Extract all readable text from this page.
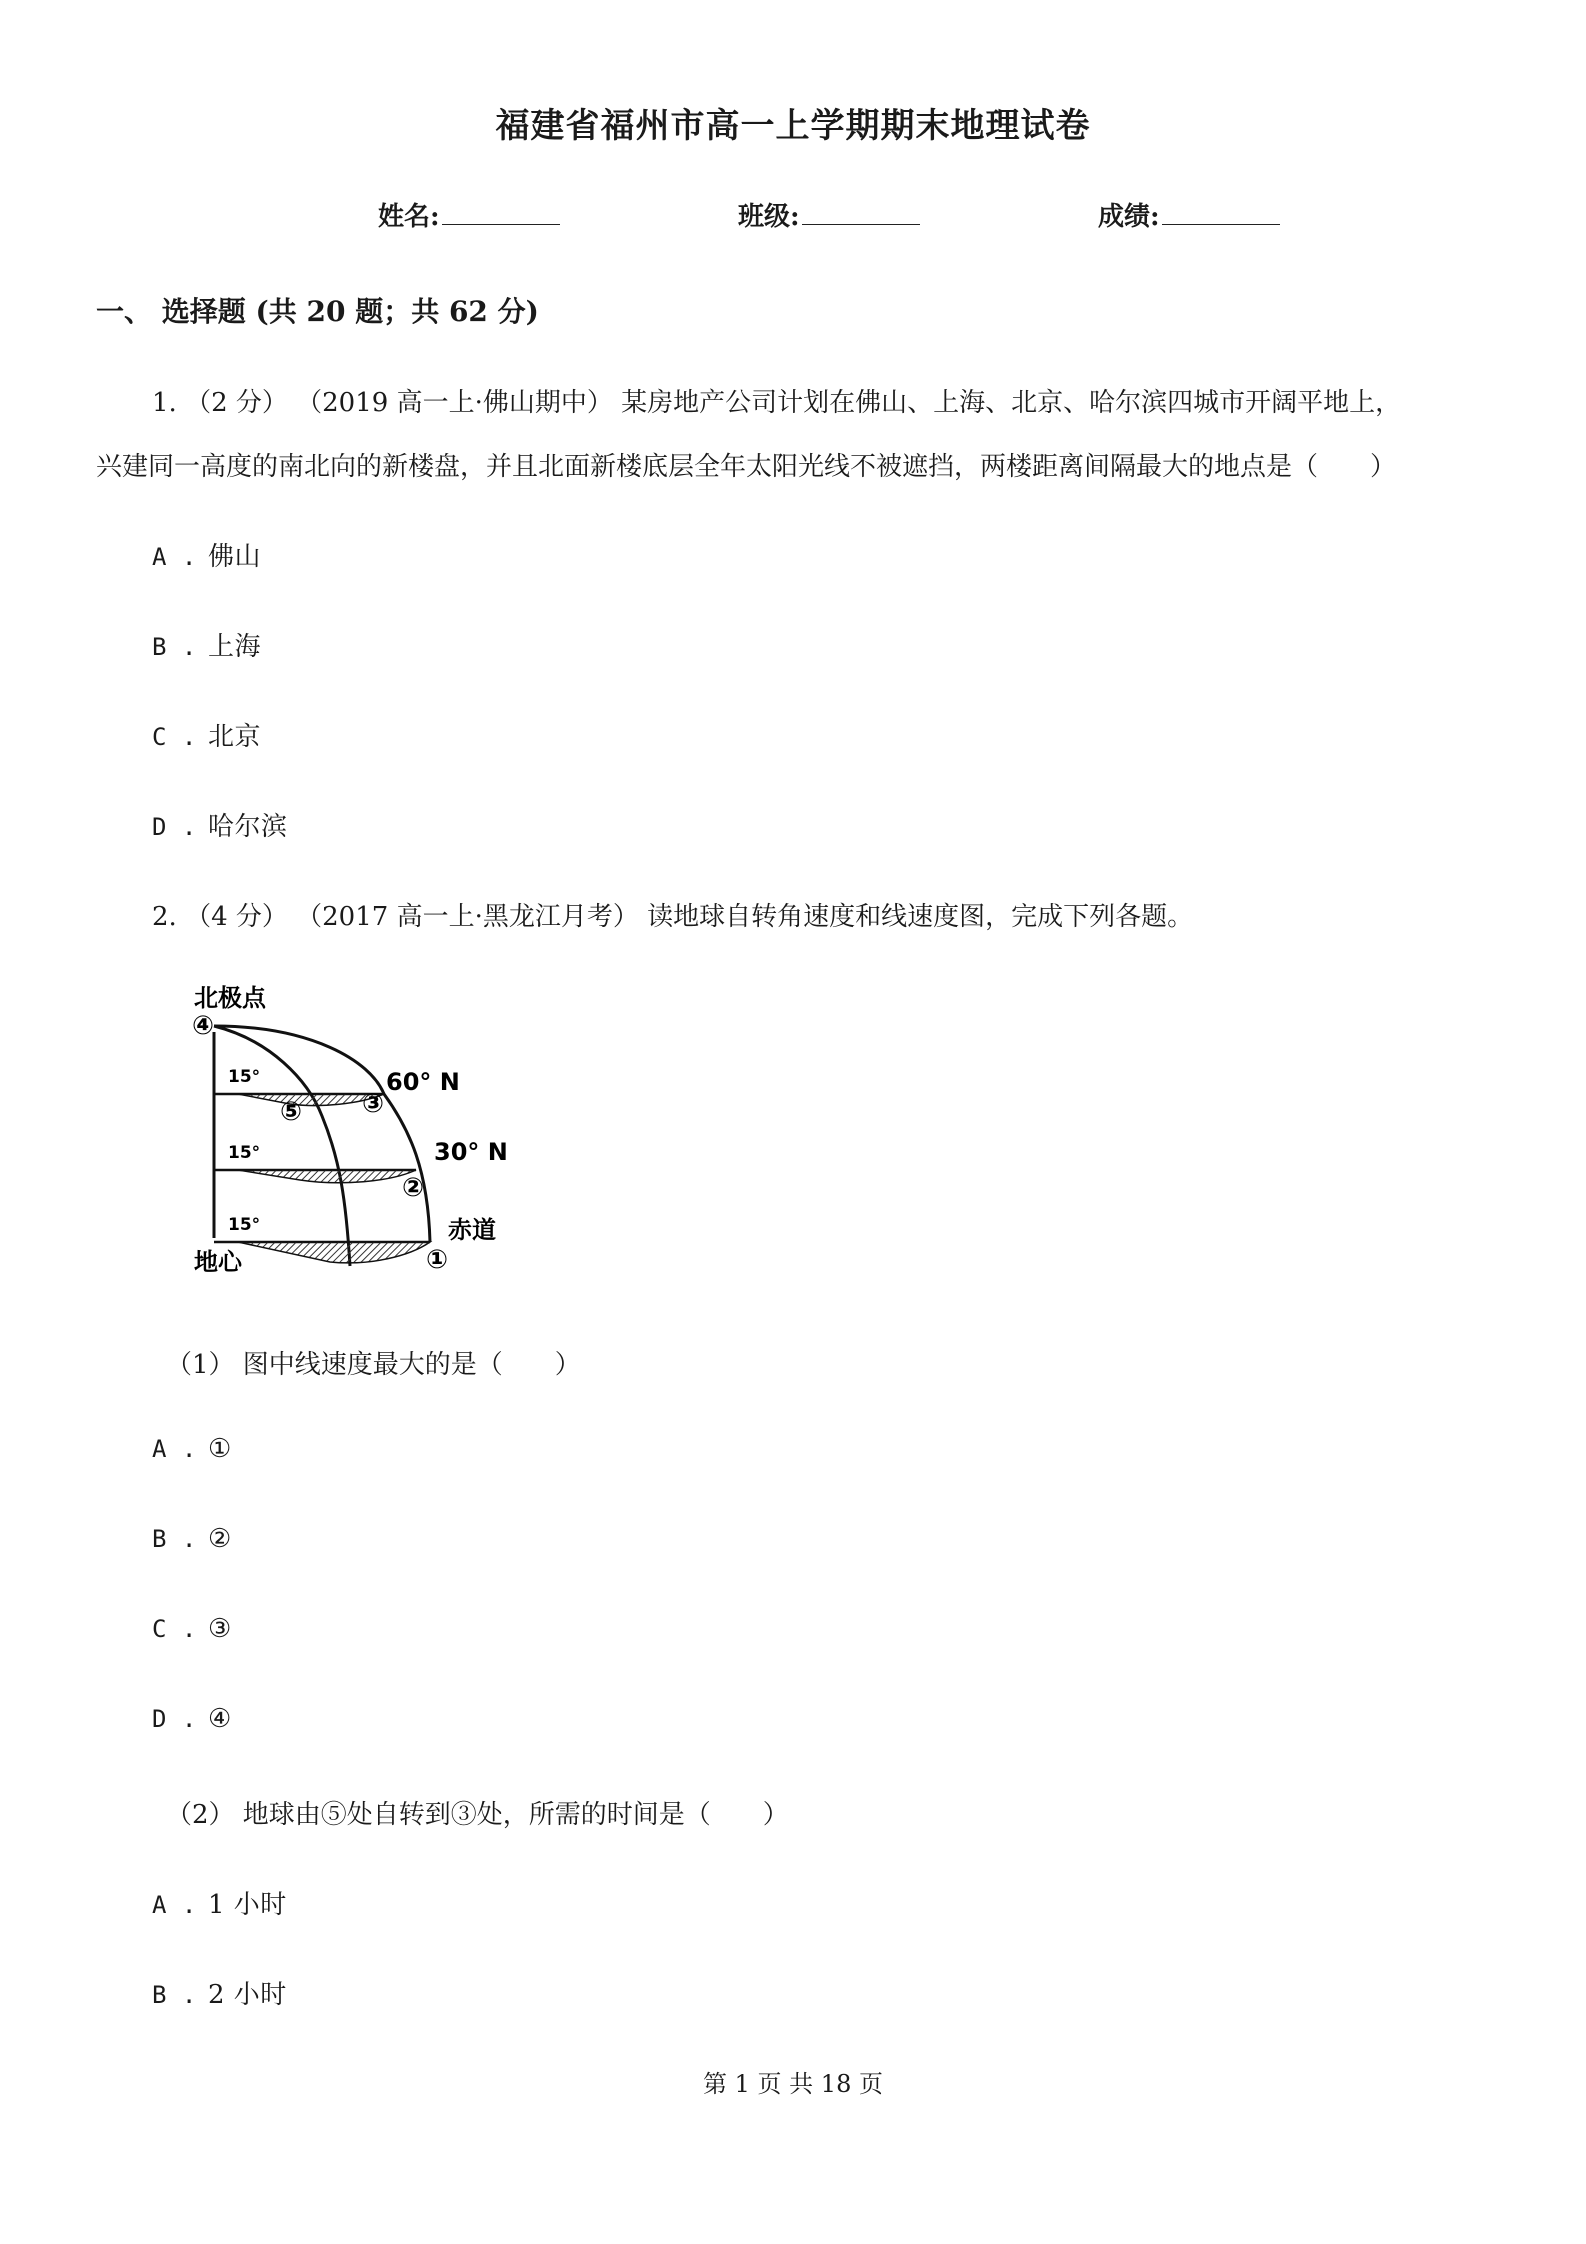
福建省福州市高一上学期期末地理试卷
姓名:	班级:	成绩:
一、 选择题 (共 20 题；共 62 分)
1. （2 分） （2019 高一上·佛山期中） 某房地产公司计划在佛山、上海、北京、哈尔滨四城市开阔平地上，
兴建同一高度的南北向的新楼盘，并且北面新楼底层全年太阳光线不被遮挡，两楼距离间隔最大的地点是（　　）
A . 佛山
B . 上海
C . 北京
D . 哈尔滨
2. （4 分） （2017 高一上·黑龙江月考） 读地球自转角速度和线速度图，完成下列各题。
15°
15°
15°
北极点
地心
赤道
60° N
30° N
④
③
⑤
②
①
（1） 图中线速度最大的是（　　）
A . ①
B . ②
C . ③
D . ④
（2） 地球由⑤处自转到③处，所需的时间是（　　）
A . 1 小时
B . 2 小时
第 1 页 共 18 页
